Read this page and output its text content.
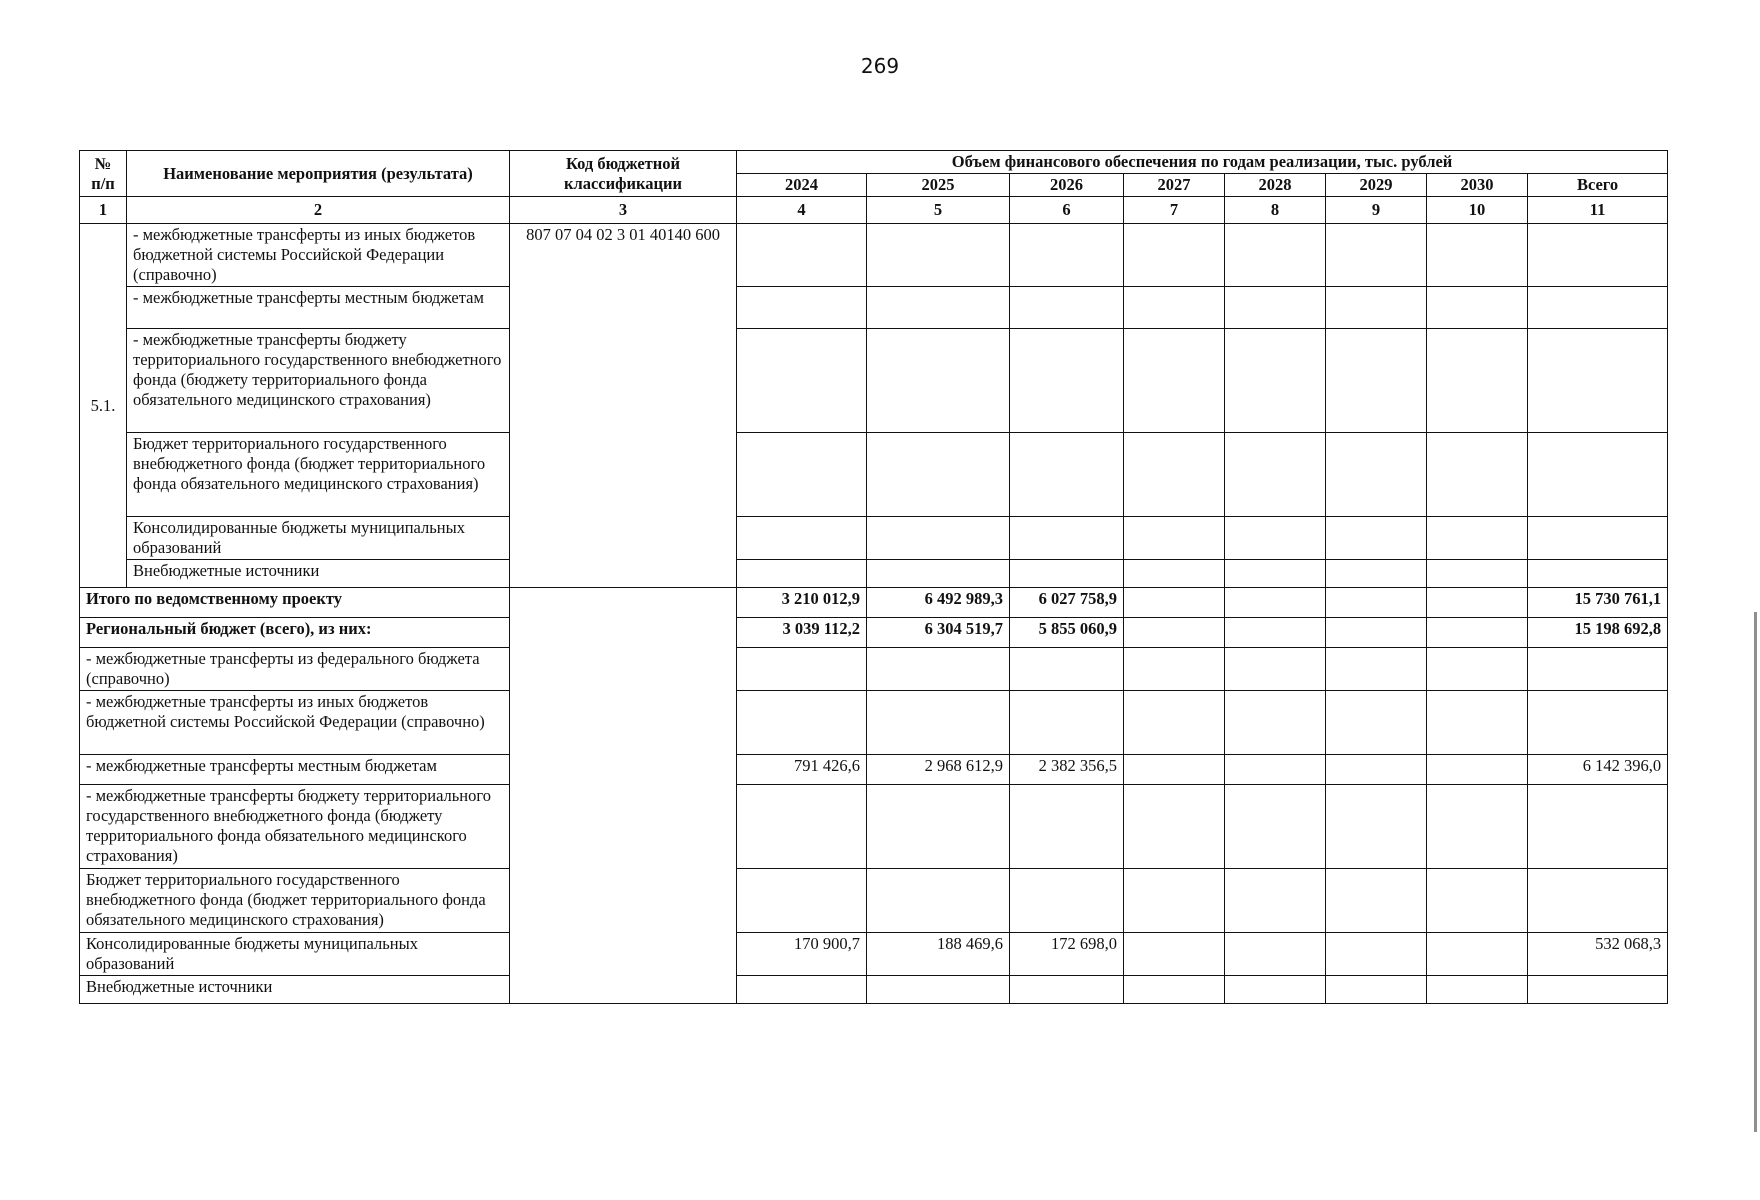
269
№ п/п	Наименование мероприятия (результата)	Код бюджетной классификации	Объем финансового обеспечения по годам реализации, тыс. рублей							
			2024	2025	2026	2027	2028	2029	2030	Всего
1	2	3	4	5	6	7	8	9	10	11
5.1.	- межбюджетные трансферты из иных бюджетов бюджетной системы Российской Федерации (справочно)	807 07 04 02 3 01 40140 600								
	- межбюджетные трансферты местным бюджетам									
	- межбюджетные трансферты бюджету территориального государственного внебюджетного фонда (бюджету территориального фонда обязательного медицинского страхования)									
	Бюджет территориального государственного внебюджетного фонда (бюджет территориального фонда обязательного медицинского страхования)									
	Консолидированные бюджеты муниципальных образований									
	Внебюджетные источники									
Итого по ведомственному проекту			3 210 012,9	6 492 989,3	6 027 758,9					15 730 761,1
Региональный бюджет (всего), из них:			3 039 112,2	6 304 519,7	5 855 060,9					15 198 692,8
- межбюджетные трансферты из федерального бюджета (справочно)										
- межбюджетные трансферты из иных бюджетов бюджетной системы Российской Федерации (справочно)										
- межбюджетные трансферты местным бюджетам			791 426,6	2 968 612,9	2 382 356,5					6 142 396,0
- межбюджетные трансферты бюджету территориального государственного внебюджетного фонда (бюджету территориального фонда обязательного медицинского страхования)										
Бюджет территориального государственного внебюджетного фонда (бюджет территориального фонда обязательного медицинского страхования)										
Консолидированные бюджеты муниципальных образований			170 900,7	188 469,6	172 698,0					532 068,3
Внебюджетные источники										
